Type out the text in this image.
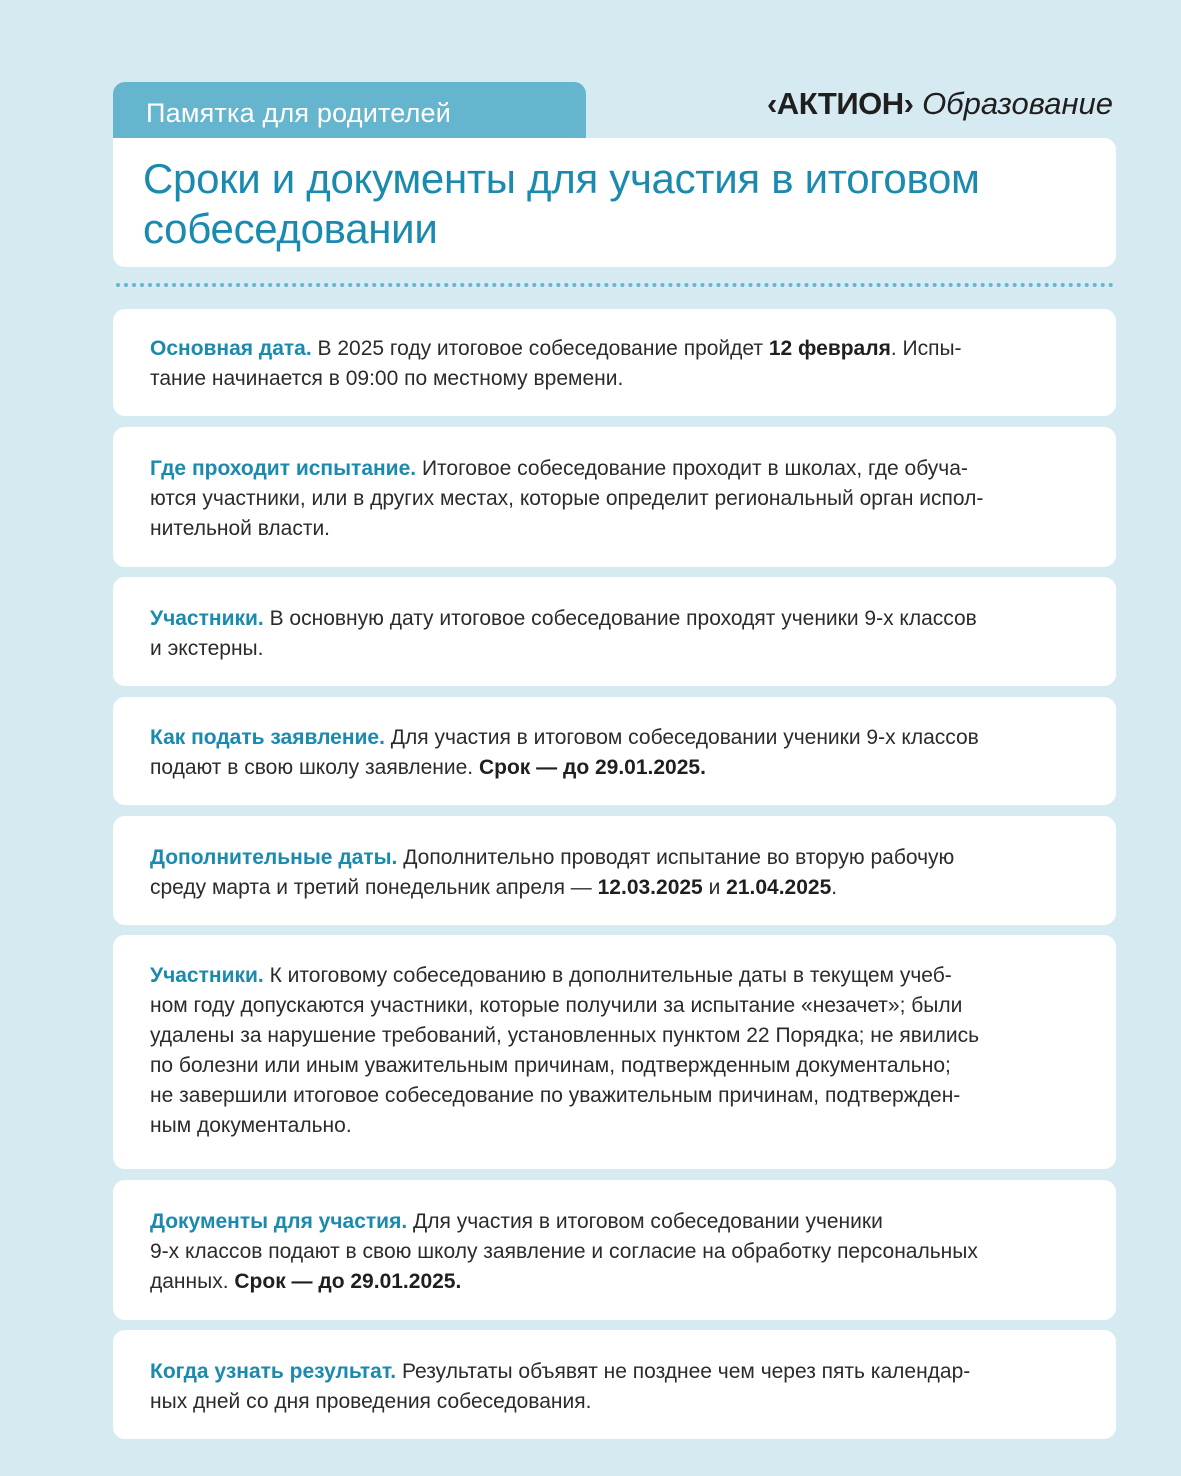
Памятка для родителей	‹АКТИОН› Образование
Сроки и документы для участия в итоговом
собеседовании
Основная дата. В 2025 году итоговое собеседование пройдет 12 февраля. Испы-
тание начинается в 09:00 по местному времени.
Где проходит испытание. Итоговое собеседование проходит в школах, где обуча-
ются участники, или в других местах, которые определит региональный орган испол-
нительной власти.
Участники. В основную дату итоговое собеседование проходят ученики 9-х классов
и экстерны.
Как подать заявление. Для участия в итоговом собеседовании ученики 9-х классов
подают в свою школу заявление. Срок — до 29.01.2025.
Дополнительные даты. Дополнительно проводят испытание во вторую рабочую
среду марта и третий понедельник апреля — 12.03.2025 и 21.04.2025.
Участники. К итоговому собеседованию в дополнительные даты в текущем учеб-
ном году допускаются участники, которые получили за испытание «незачет»; были
удалены за нарушение требований, установленных пунктом 22 Порядка; не явились
по болезни или иным уважительным причинам, подтвержденным документально;
не завершили итоговое собеседование по уважительным причинам, подтвержден-
ным документально.
Документы для участия. Для участия в итоговом собеседовании ученики
9-х классов подают в свою школу заявление и согласие на обработку персональных
данных. Срок — до 29.01.2025.
Когда узнать результат. Результаты объявят не позднее чем через пять календар-
ных дней со дня проведения собеседования.
